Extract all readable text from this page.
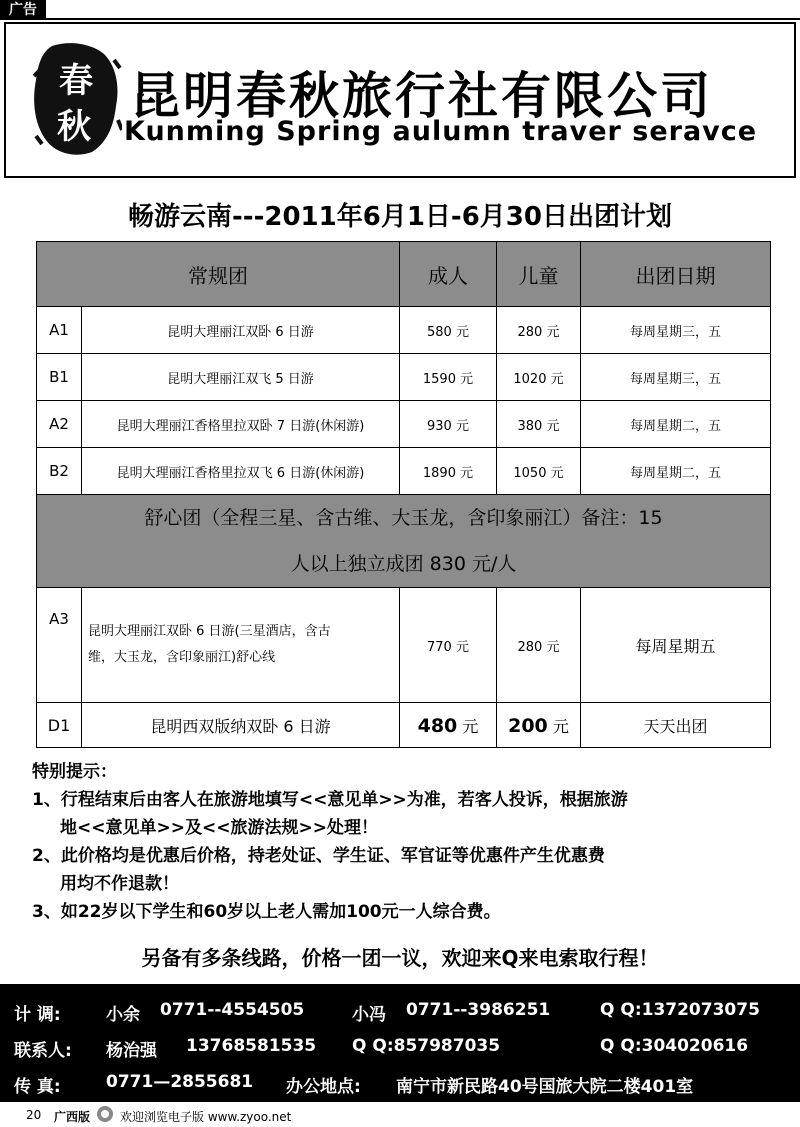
广告
春
秋
昆明春秋旅行社有限公司
Kunming Spring aulumn traver seravce
畅游云南---2011年6月1日-6月30日出团计划
常规团		成人	儿童	出团日期
A1	昆明大理丽江双卧 6 日游	580 元	280 元	每周星期三，五
B1	昆明大理丽江双飞 5 日游	1590 元	1020 元	每周星期三，五
A2	昆明大理丽江香格里拉双卧 7 日游(休闲游)	930 元	380 元	每周星期二，五
B2	昆明大理丽江香格里拉双飞 6 日游(休闲游)	1890 元	1050 元	每周星期二，五

舒心团（全程三星、含古维、大玉龙，含印象丽江）备注：15
人以上独立成团 830 元/人				

A3	昆明大理丽江双卧 6 日游(三星酒店，含古
维，大玉龙，含印象丽江)舒心线	770 元	280 元	每周星期五
D1	昆明西双版纳双卧 6 日游	480 元	200 元	天天出团
特别提示：
1、行程结束后由客人在旅游地填写<<意见单>>为准，若客人投诉，根据旅游
地<<意见单>>及<<旅游法规>>处理！
2、此价格均是优惠后价格，持老处证、学生证、军官证等优惠件产生优惠费
用均不作退款！
3、如22岁以下学生和60岁以上老人需加100元一人综合费。
另备有多条线路，价格一团一议，欢迎来Q来电索取行程！
计 调:	小余 0771--4554505	小冯 0771--3986251	Q Q:1372073075
联系人: 杨治强 13768581535 Q Q:857987035	Q Q:304020616
传 真:	0771—2855681 办公地点: 南宁市新民路40号国旅大院二楼401室
20 广西版 欢迎浏览电子版 www.zyoo.net
